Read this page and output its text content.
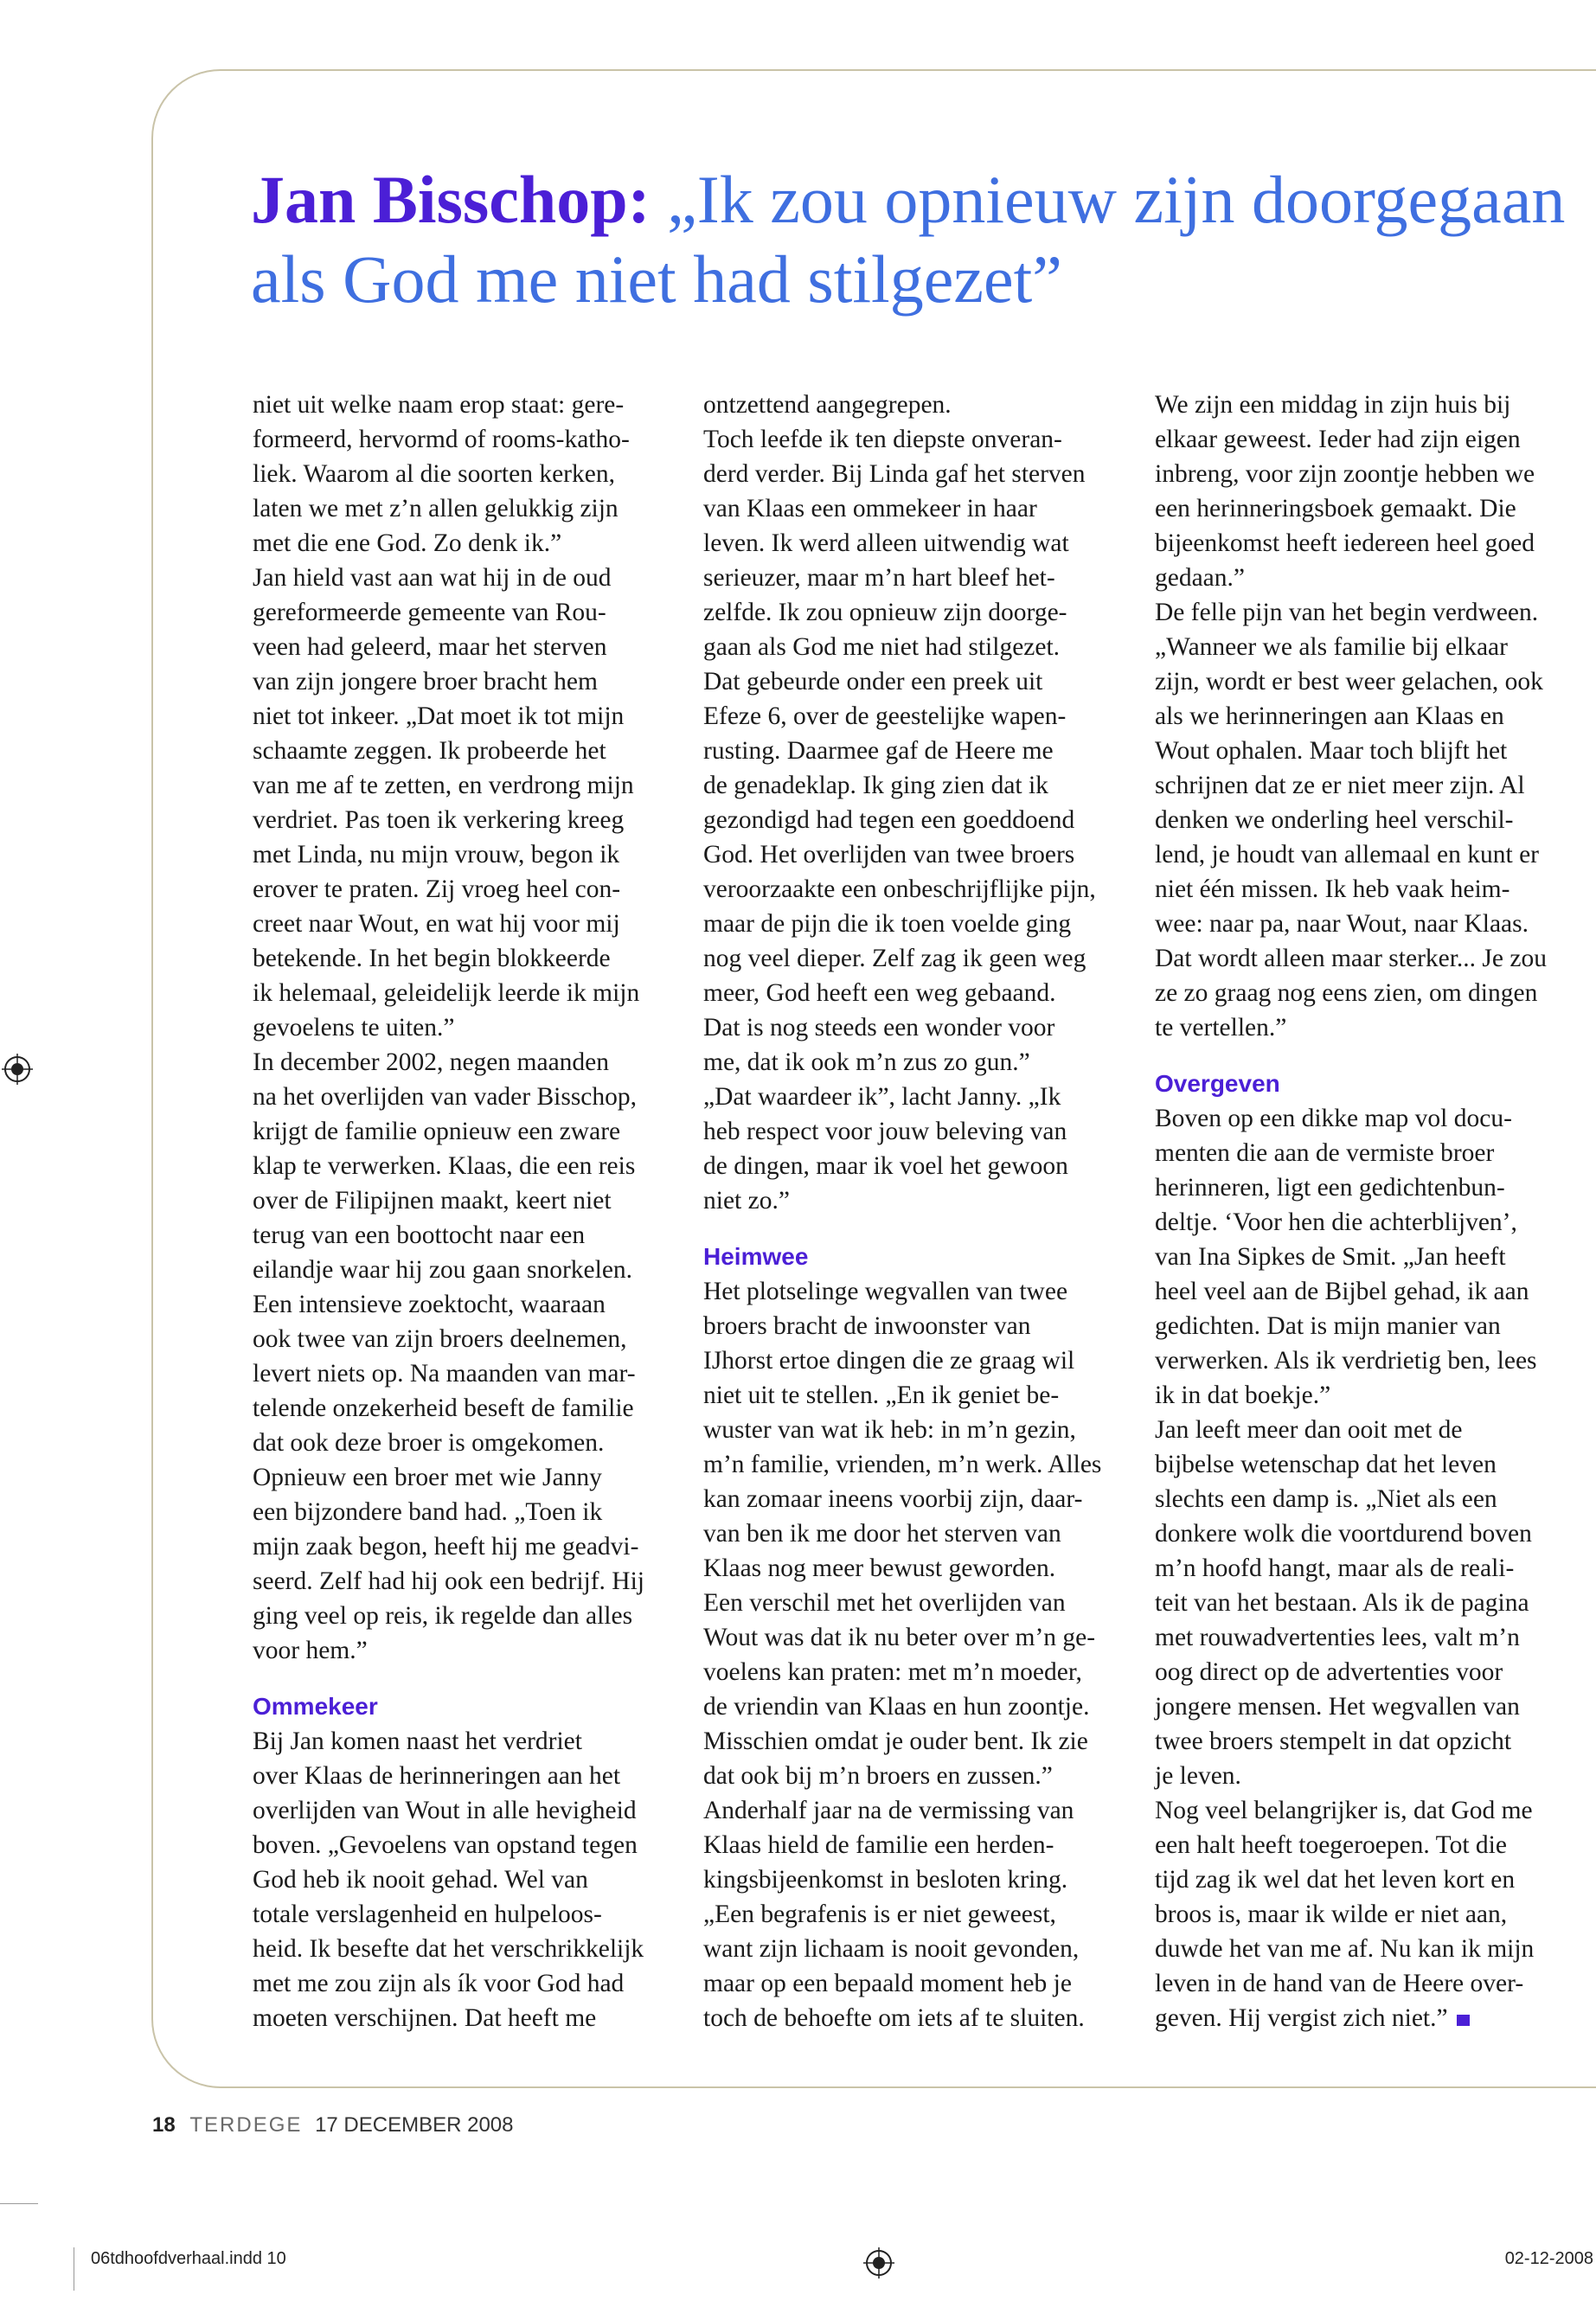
Jan Bisschop: „Ik zou opnieuw zijn doorgegaan als God me niet had stilgezet”

niet uit welke naam erop staat: gere-
formeerd, hervormd of rooms-katho-
liek. Waarom al die soorten kerken,
laten we met z’n allen gelukkig zijn
met die ene God. Zo denk ik.”

Jan hield vast aan wat hij in de oud
gereformeerde gemeente van Rou-
veen had geleerd, maar het sterven
van zijn jongere broer bracht hem
niet tot inkeer. „Dat moet ik tot mijn
schaamte zeggen. Ik probeerde het
van me af te zetten, en verdrong mijn
verdriet. Pas toen ik verkering kreeg
met Linda, nu mijn vrouw, begon ik
erover te praten. Zij vroeg heel con-
creet naar Wout, en wat hij voor mij
betekende. In het begin blokkeerde
ik helemaal, geleidelijk leerde ik mijn
gevoelens te uiten.”

In december 2002, negen maanden
na het overlijden van vader Bisschop,
krijgt de familie opnieuw een zware
klap te verwerken. Klaas, die een reis
over de Filipijnen maakt, keert niet
terug van een boottocht naar een
eilandje waar hij zou gaan snorkelen.
Een intensieve zoektocht, waaraan
ook twee van zijn broers deelnemen,
levert niets op. Na maanden van mar-
telende onzekerheid beseft de familie
dat ook deze broer is omgekomen.
Opnieuw een broer met wie Janny
een bijzondere band had. „Toen ik
mijn zaak begon, heeft hij me geadvi-
seerd. Zelf had hij ook een bedrijf. Hij
ging veel op reis, ik regelde dan alles
voor hem.”

Ommekeer

Bij Jan komen naast het verdriet
over Klaas de herinneringen aan het
overlijden van Wout in alle hevigheid
boven. „Gevoelens van opstand tegen
God heb ik nooit gehad. Wel van
totale verslagenheid en hulpeloos-
heid. Ik besefte dat het verschrikkelijk
met me zou zijn als ík voor God had
moeten verschijnen. Dat heeft me

ontzettend aangegrepen.

Toch leefde ik ten diepste onveran-
derd verder. Bij Linda gaf het sterven
van Klaas een ommekeer in haar
leven. Ik werd alleen uitwendig wat
serieuzer, maar m’n hart bleef het-
zelfde. Ik zou opnieuw zijn doorge-
gaan als God me niet had stilgezet.
Dat gebeurde onder een preek uit
Efeze 6, over de geestelijke wapen-
rusting. Daarmee gaf de Heere me
de genadeklap. Ik ging zien dat ik
gezondigd had tegen een goeddoend
God. Het overlijden van twee broers
veroorzaakte een onbeschrijflijke pijn,
maar de pijn die ik toen voelde ging
nog veel dieper. Zelf zag ik geen weg
meer, God heeft een weg gebaand.
Dat is nog steeds een wonder voor
me, dat ik ook m’n zus zo gun.”

„Dat waardeer ik”, lacht Janny. „Ik
heb respect voor jouw beleving van
de dingen, maar ik voel het gewoon
niet zo.”

Heimwee

Het plotselinge wegvallen van twee
broers bracht de inwoonster van
IJhorst ertoe dingen die ze graag wil
niet uit te stellen. „En ik geniet be-
wuster van wat ik heb: in m’n gezin,
m’n familie, vrienden, m’n werk. Alles
kan zomaar ineens voorbij zijn, daar-
van ben ik me door het sterven van
Klaas nog meer bewust geworden.
Een verschil met het overlijden van
Wout was dat ik nu beter over m’n ge-
voelens kan praten: met m’n moeder,
de vriendin van Klaas en hun zoontje.
Misschien omdat je ouder bent. Ik zie
dat ook bij m’n broers en zussen.”

Anderhalf jaar na de vermissing van
Klaas hield de familie een herden-
kingsbijeenkomst in besloten kring.
„Een begrafenis is er niet geweest,
want zijn lichaam is nooit gevonden,
maar op een bepaald moment heb je
toch de behoefte om iets af te sluiten.

We zijn een middag in zijn huis bij
elkaar geweest. Ieder had zijn eigen
inbreng, voor zijn zoontje hebben we
een herinneringsboek gemaakt. Die
bijeenkomst heeft iedereen heel goed
gedaan.”

De felle pijn van het begin verdween.
„Wanneer we als familie bij elkaar
zijn, wordt er best weer gelachen, ook
als we herinneringen aan Klaas en
Wout ophalen. Maar toch blijft het
schrijnen dat ze er niet meer zijn. Al
denken we onderling heel verschil-
lend, je houdt van allemaal en kunt er
niet één missen. Ik heb vaak heim-
wee: naar pa, naar Wout, naar Klaas.
Dat wordt alleen maar sterker... Je zou
ze zo graag nog eens zien, om dingen
te vertellen.”

Overgeven

Boven op een dikke map vol docu-
menten die aan de vermiste broer
herinneren, ligt een gedichtenbun-
deltje. ‘Voor hen die achterblijven’,
van Ina Sipkes de Smit. „Jan heeft
heel veel aan de Bijbel gehad, ik aan
gedichten. Dat is mijn manier van
verwerken. Als ik verdrietig ben, lees
ik in dat boekje.”

Jan leeft meer dan ooit met de
bijbelse wetenschap dat het leven
slechts een damp is. „Niet als een
donkere wolk die voortdurend boven
m’n hoofd hangt, maar als de reali-
teit van het bestaan. Als ik de pagina
met rouwadvertenties lees, valt m’n
oog direct op de advertenties voor
jongere mensen. Het wegvallen van
twee broers stempelt in dat opzicht
je leven.

Nog veel belangrijker is, dat God me
een halt heeft toegeroepen. Tot die
tijd zag ik wel dat het leven kort en
broos is, maar ik wilde er niet aan,
duwde het van me af. Nu kan ik mijn
leven in de hand van de Heere over-
geven. Hij vergist zich niet.”

18 TERDEGE 17 DECEMBER 2008
06tdhoofdverhaal.indd 10	02-12-2008
